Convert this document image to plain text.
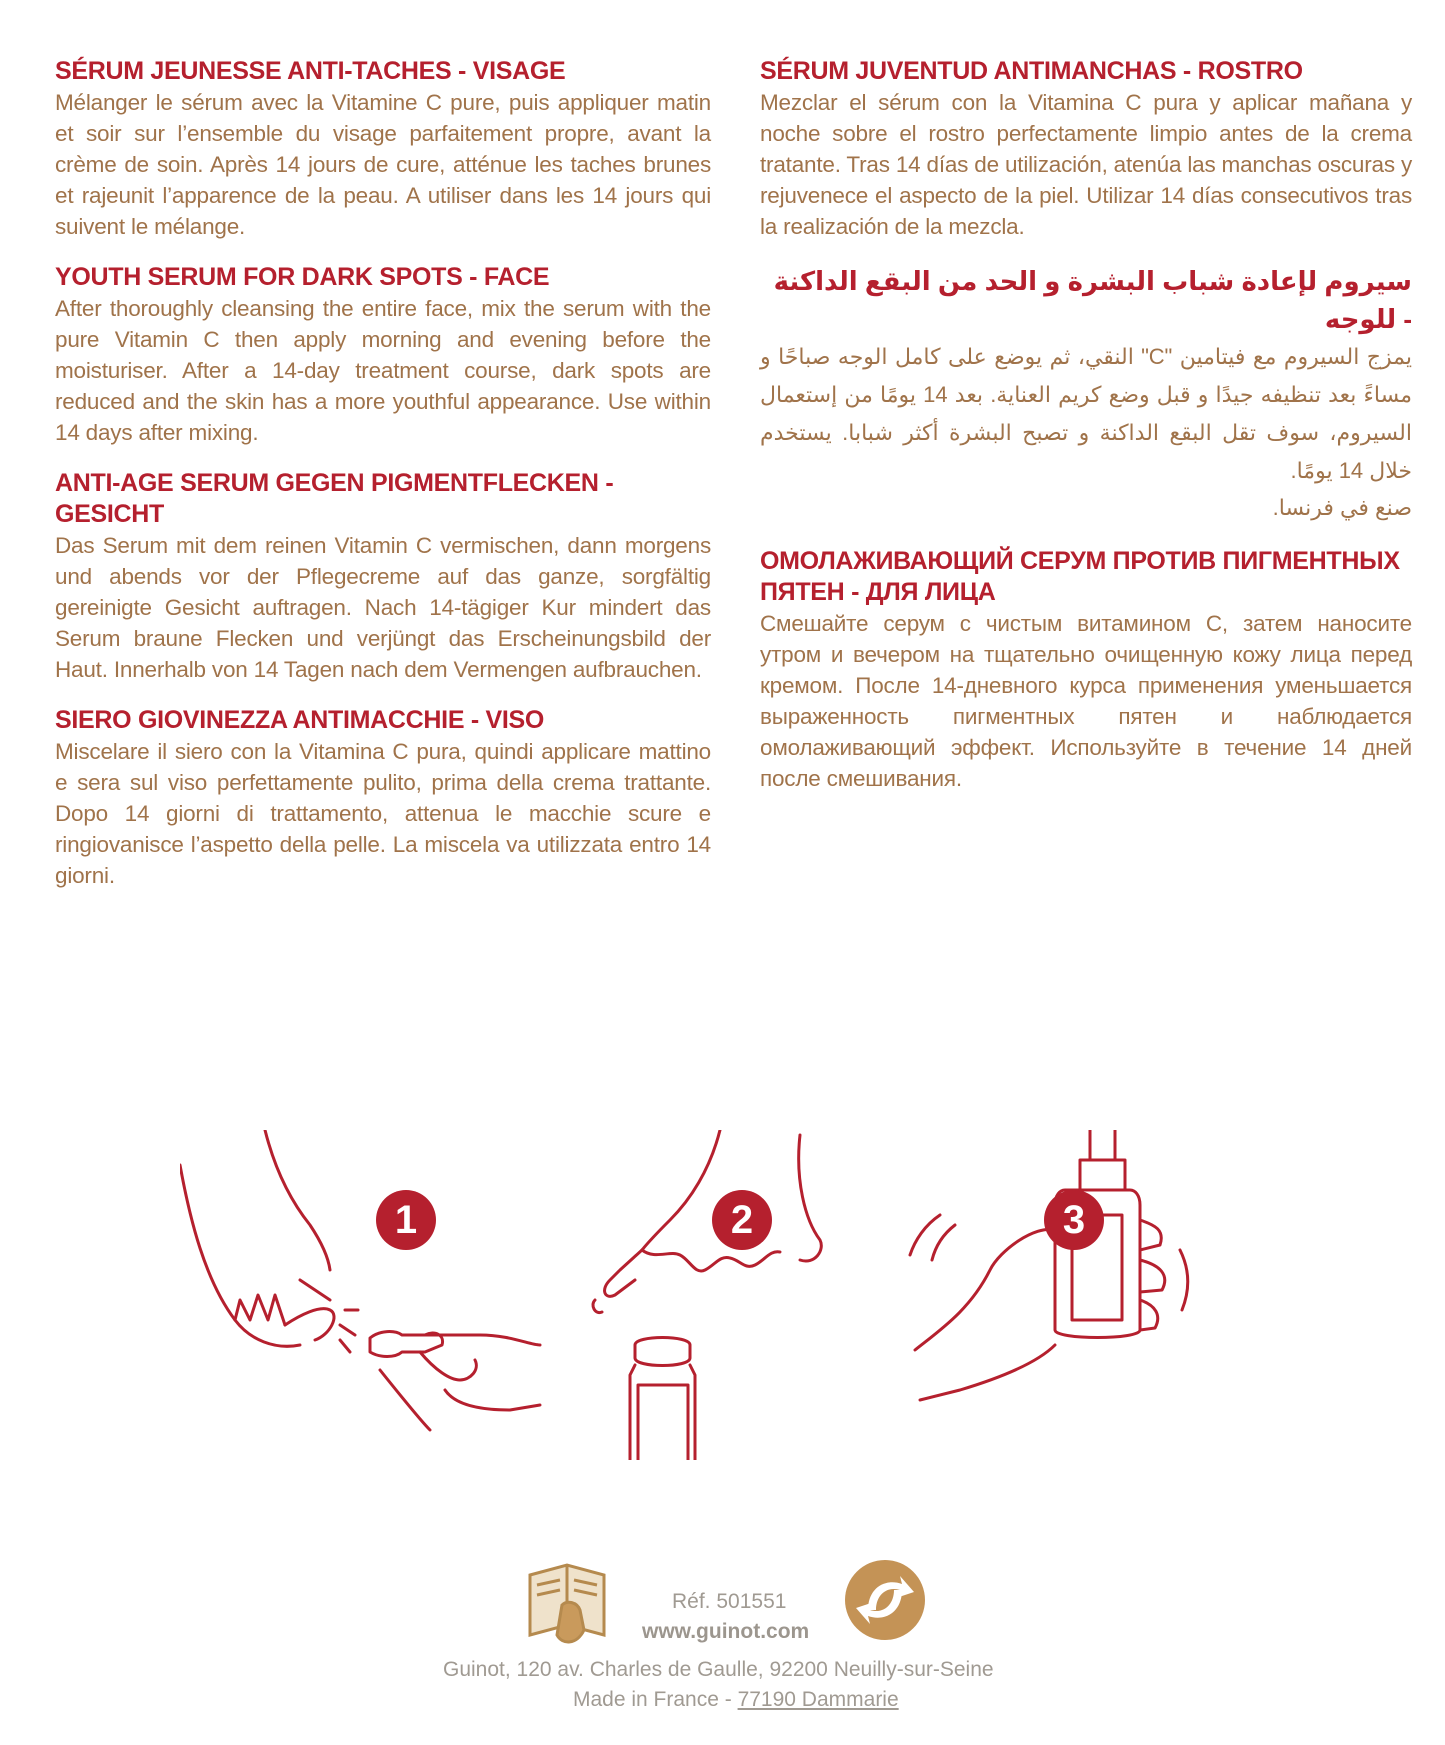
SÉRUM JEUNESSE ANTI-TACHES - VISAGE

Mélanger le sérum avec la Vitamine C pure, puis appliquer matin et soir sur l’ensemble du visage parfaitement propre, avant la crème de soin. Après 14 jours de cure, atténue les taches brunes et rajeunit l’apparence de la peau. A utiliser dans les 14 jours qui suivent le mélange.

YOUTH SERUM FOR DARK SPOTS - FACE

After thoroughly cleansing the entire face, mix the serum with the pure Vitamin C then apply morning and evening before the moisturiser. After a 14-day treatment course, dark spots are reduced and the skin has a more youthful appearance. Use within 14 days after mixing.

ANTI-AGE SERUM GEGEN PIGMENTFLECKEN - GESICHT

Das Serum mit dem reinen Vitamin C vermischen, dann morgens und abends vor der Pflegecreme auf das ganze, sorgfältig gereinigte Gesicht auftragen. Nach 14-tägiger Kur mindert das Serum braune Flecken und verjüngt das Erscheinungsbild der Haut. Innerhalb von 14 Tagen nach dem Vermengen aufbrauchen.

SIERO GIOVINEZZA ANTIMACCHIE - VISO

Miscelare il siero con la Vitamina C pura, quindi applicare mattino e sera sul viso perfettamente pulito, prima della crema trattante. Dopo 14 giorni di trattamento, attenua le macchie scure e ringiovanisce l’aspetto della pelle. La miscela va utilizzata entro 14 giorni.

SÉRUM JUVENTUD ANTIMANCHAS - ROSTRO

Mezclar el sérum con la Vitamina C pura y aplicar mañana y noche sobre el rostro perfectamente limpio antes de la crema tratante. Tras 14 días de utilización, atenúa las manchas oscuras y rejuvenece el aspecto de la piel. Utilizar 14 días consecutivos tras la realización de la mezcla.

سيروم لإعادة شباب البشرة و الحد من البقع الداكنة - للوجه

يمزج السيروم مع فيتامين "C" النقي، ثم يوضع على كامل الوجه صباحًا و مساءً بعد تنظيفه جيدًا و قبل وضع كريم العناية. بعد 14 يومًا من إستعمال السيروم، سوف تقل البقع الداكنة و تصبح البشرة أكثر شبابا. يستخدم خلال 14 يومًا.

صنع في فرنسا.

ОМОЛАЖИВАЮЩИЙ СЕРУМ ПРОТИВ ПИГМЕНТНЫХ ПЯТЕН - ДЛЯ ЛИЦА

Смешайте серум с чистым витамином С, затем наносите утром и вечером на тщательно очищенную кожу лица перед кремом. После 14-дневного курса применения уменьшается выраженность пигментных пятен и наблюдается омолаживающий эффект. Используйте в течение 14 дней после смешивания.

1	2	3

Réf. 501551

www.guinot.com

Guinot, 120 av. Charles de Gaulle, 92200 Neuilly-sur-Seine

Made in France - 77190 Dammarie
